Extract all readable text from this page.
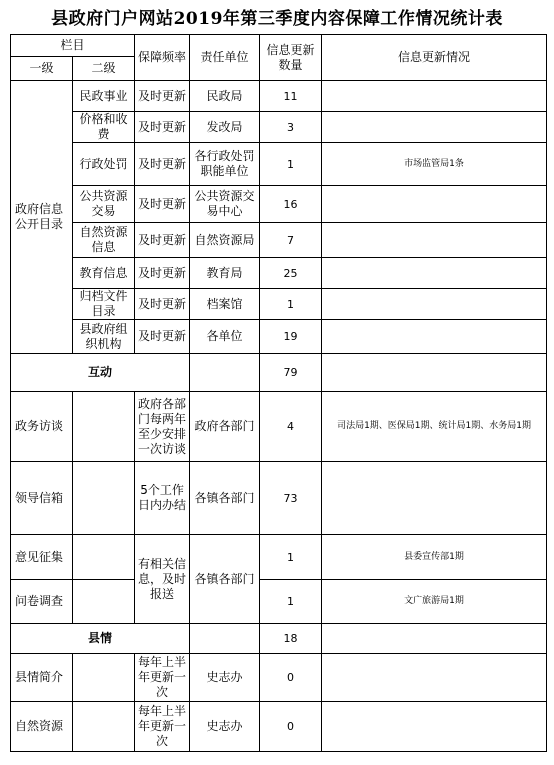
县政府门户网站2019年第三季度内容保障工作情况统计表
栏目		保障频率	责任单位	信息更新数量	信息更新情况
一级	二级				
政府信息公开目录	民政事业	及时更新	民政局	11	
	价格和收费	及时更新	发改局	3	
	行政处罚	及时更新	各行政处罚职能单位	1	市场监管局1条
	公共资源交易	及时更新	公共资源交易中心	16	
	自然资源信息	及时更新	自然资源局	7	
	教育信息	及时更新	教育局	25	
	归档文件目录	及时更新	档案馆	1	
	县政府组织机构	及时更新	各单位	19	
互动				79	
政务访谈		政府各部门每两年至少安排一次访谈	政府各部门	4	司法局1期、医保局1期、统计局1期、水务局1期
领导信箱		5个工作日内办结	各镇各部门	73	
意见征集		有相关信息，及时报送	各镇各部门	1	县委宣传部1期
问卷调查				1	文广旅游局1期
县情				18	
县情简介		每年上半年更新一次	史志办	0	
自然资源		每年上半年更新一次	史志办	0	
